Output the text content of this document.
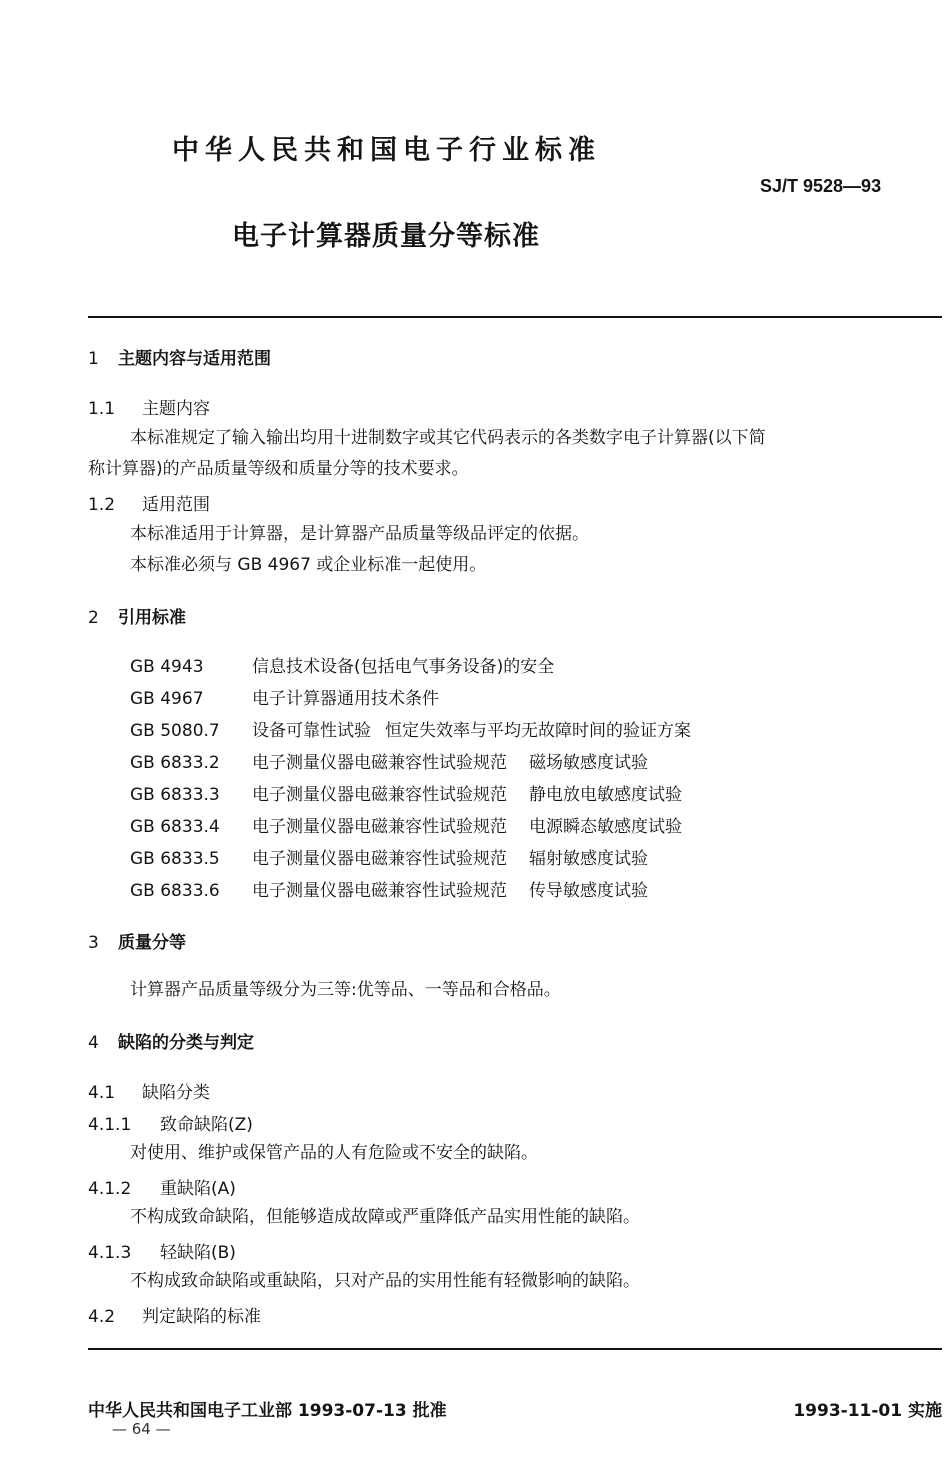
中华人民共和国电子行业标准
SJ/T 9528—93
电子计算器质量分等标准
1 主题内容与适用范围
1.1 主题内容
本标准规定了输入输出均用十进制数字或其它代码表示的各类数字电子计算器(以下简
称计算器)的产品质量等级和质量分等的技术要求。
1.2 适用范围
本标准适用于计算器，是计算器产品质量等级品评定的依据。
本标准必须与 GB 4967 或企业标准一起使用。
2 引用标准
GB 4943	信息技术设备(包括电气事务设备)的安全
GB 4967	电子计算器通用技术条件
GB 5080.7 设备可靠性试验 恒定失效率与平均无故障时间的验证方案
GB 6833.2 电子测量仪器电磁兼容性试验规范 磁场敏感度试验
GB 6833.3 电子测量仪器电磁兼容性试验规范 静电放电敏感度试验
GB 6833.4 电子测量仪器电磁兼容性试验规范 电源瞬态敏感度试验
GB 6833.5 电子测量仪器电磁兼容性试验规范 辐射敏感度试验
GB 6833.6 电子测量仪器电磁兼容性试验规范 传导敏感度试验
3 质量分等
计算器产品质量等级分为三等:优等品、一等品和合格品。
4 缺陷的分类与判定
4.1 缺陷分类
4.1.1 致命缺陷(Z)
对使用、维护或保管产品的人有危险或不安全的缺陷。
4.1.2 重缺陷(A)
不构成致命缺陷，但能够造成故障或严重降低产品实用性能的缺陷。
4.1.3 轻缺陷(B)
不构成致命缺陷或重缺陷，只对产品的实用性能有轻微影响的缺陷。
4.2 判定缺陷的标准
中华人民共和国电子工业部 1993-07-13 批准	1993-11-01 实施
— 64 —
